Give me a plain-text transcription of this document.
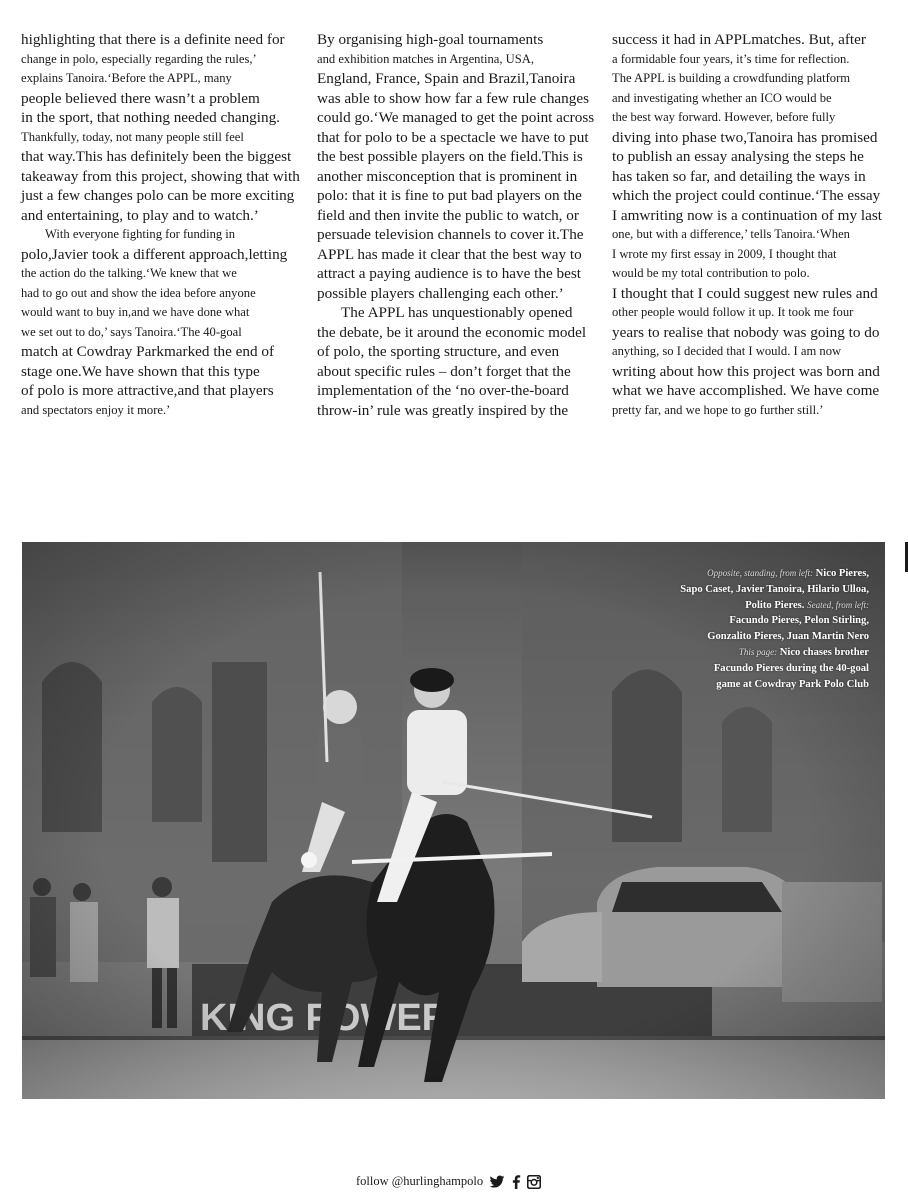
highlighting that there is a definite need for
change in polo, especially regarding the rules,’
explains Tanoira.‘Before the APPL, many
people believed there wasn’t a problem
in the sport, that nothing needed changing.
Thankfully, today, not many people still feel
that way.This has definitely been the biggest
takeaway from this project, showing that with
just a few changes polo can be more exciting
and entertaining, to play and to watch.’
With everyone fighting for funding in
polo,Javier took a different approach,letting
the action do the talking.‘We knew that we
had to go out and show the idea before anyone
would want to buy in,and we have done what
we set out to do,’ says Tanoira.‘The 40-goal
match at Cowdray Parkmarked the end of
stage one.We have shown that this type
of polo is more attractive,and that players
and spectators enjoy it more.’
By organising high-goal tournaments
and exhibition matches in Argentina, USA,
England, France, Spain and Brazil,Tanoira
was able to show how far a few rule changes
could go.‘We managed to get the point across
that for polo to be a spectacle we have to put
the best possible players on the field.This is
another misconception that is prominent in
polo: that it is fine to put bad players on the
field and then invite the public to watch, or
persuade television channels to cover it.The
APPL has made it clear that the best way to
attract a paying audience is to have the best
possible players challenging each other.’
The APPL has unquestionably opened
the debate, be it around the economic model
of polo, the sporting structure, and even
about specific rules – don’t forget that the
implementation of the ‘no over-the-board
throw-in’ rule was greatly inspired by the
success it had in APPLmatches. But, after
a formidable four years, it’s time for reflection.
The APPL is building a crowdfunding platform
and investigating whether an ICO would be
the best way forward. However, before fully
diving into phase two,Tanoira has promised
to publish an essay analysing the steps he
has taken so far, and detailing the ways in
which the project could continue.‘The essay
I amwriting now is a continuation of my last
one, but with a difference,’ tells Tanoira.‘When
I wrote my first essay in 2009, I thought that
would be my total contribution to polo.
I thought that I could suggest new rules and
other people would follow it up. It took me four
years to realise that nobody was going to do
anything, so I decided that I would. I am now
writing about how this project was born and
what we have accomplished. We have come
pretty far, and we hope to go further still.’
Opposite, standing, from left: Nico Pieres,
Sapo Caset, Javier Tanoira, Hilario Ulloa,
Polito Pieres. Seated, from left:
Facundo Pieres, Pelon Stirling,
Gonzalito Pieres, Juan Martin Nero
This page: Nico chases brother
Facundo Pieres during the 40-goal
game at Cowdray Park Polo Club
follow @hurlinghampolo
